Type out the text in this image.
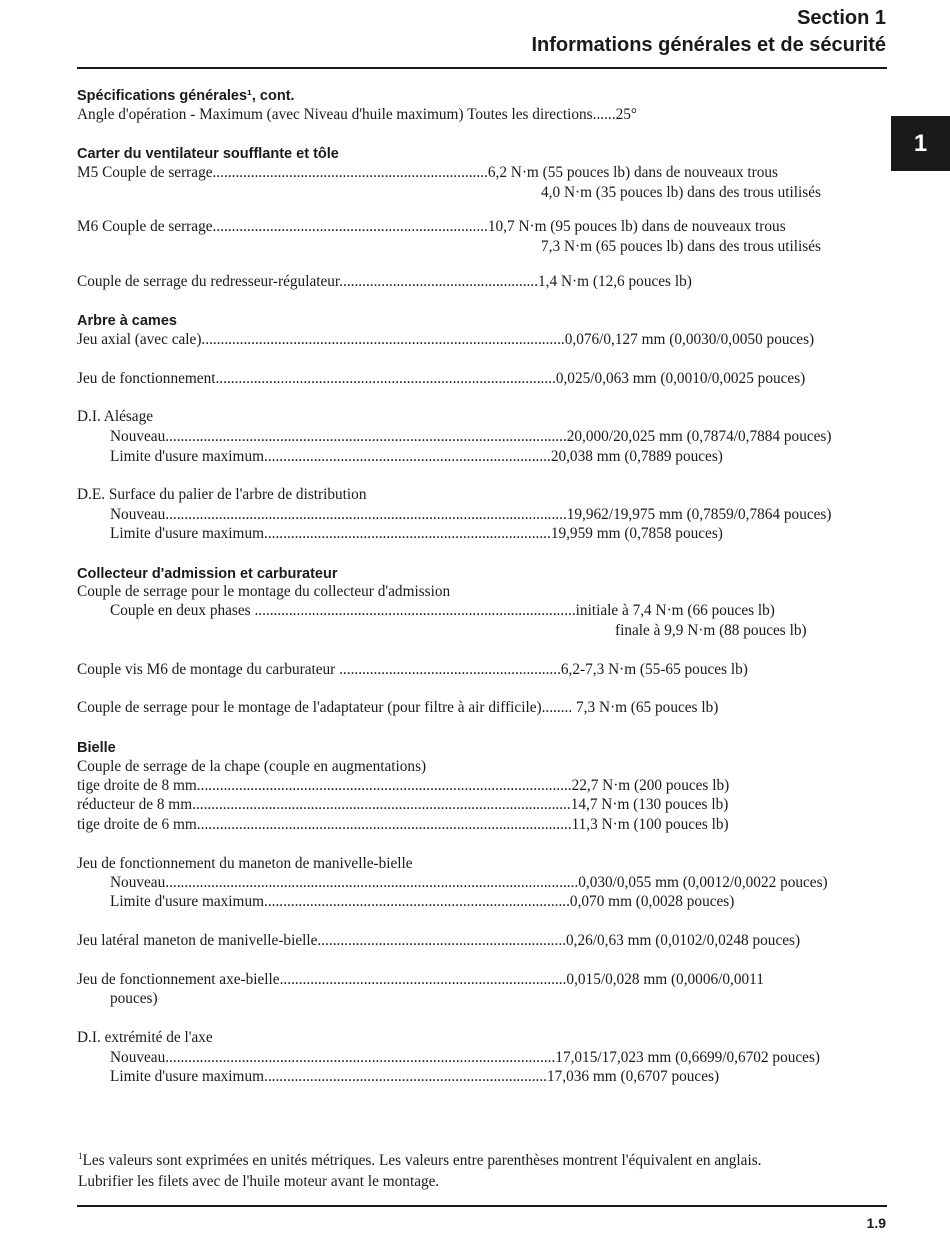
Section 1
Informations générales et de sécurité
1
Spécifications générales¹, cont.
Angle d'opération - Maximum (avec Niveau d'huile maximum) Toutes les directions......25°
Carter du ventilateur soufflante et tôle
M5 Couple de serrage........................................................................6,2 N·m (55 pouces lb) dans de nouveaux trous
4,0 N·m (35 pouces lb) dans des trous utilisés
M6 Couple de serrage........................................................................10,7 N·m (95 pouces lb) dans de nouveaux trous
7,3 N·m (65 pouces lb) dans des trous utilisés
Couple de serrage du redresseur-régulateur....................................................1,4 N·m (12,6 pouces lb)
Arbre à cames
Jeu axial (avec cale)...............................................................................................0,076/0,127 mm (0,0030/0,0050 pouces)
Jeu de fonctionnement.........................................................................................0,025/0,063 mm (0,0010/0,0025 pouces)
D.I. Alésage
Nouveau.........................................................................................................20,000/20,025 mm (0,7874/0,7884 pouces)
Limite d'usure maximum...........................................................................20,038 mm (0,7889 pouces)
D.E. Surface du palier de l'arbre de distribution
Nouveau.........................................................................................................19,962/19,975 mm (0,7859/0,7864 pouces)
Limite d'usure maximum...........................................................................19,959 mm (0,7858 pouces)
Collecteur d'admission et carburateur
Couple de serrage pour le montage du collecteur d'admission
Couple en deux phases ....................................................................................initiale à 7,4 N·m (66 pouces lb)
finale à 9,9 N·m (88 pouces lb)
Couple vis M6 de montage du carburateur ..........................................................6,2-7,3 N·m (55-65 pouces lb)
Couple de serrage pour le montage de l'adaptateur (pour filtre à air difficile)........ 7,3 N·m (65 pouces lb)
Bielle
Couple de serrage de la chape (couple en augmentations)
tige droite de 8 mm..................................................................................................22,7 N·m (200 pouces lb)
réducteur de 8 mm...................................................................................................14,7 N·m (130 pouces lb)
tige droite de 6 mm..................................................................................................11,3 N·m (100 pouces lb)
Jeu de fonctionnement du maneton de manivelle-bielle
Nouveau............................................................................................................0,030/0,055 mm (0,0012/0,0022 pouces)
Limite d'usure maximum................................................................................0,070 mm (0,0028 pouces)
Jeu latéral maneton de manivelle-bielle.................................................................0,26/0,63 mm (0,0102/0,0248 pouces)
Jeu de fonctionnement axe-bielle...........................................................................0,015/0,028 mm (0,0006/0,0011
pouces)
D.I. extrémité de l'axe
Nouveau......................................................................................................17,015/17,023 mm (0,6699/0,6702 pouces)
Limite d'usure maximum..........................................................................17,036 mm (0,6707 pouces)
$^1$Les valeurs sont exprimées en unités métriques. Les valeurs entre parenthèses montrent l'équivalent en anglais.
Lubrifier les filets avec de l'huile moteur avant le montage.
1.9
